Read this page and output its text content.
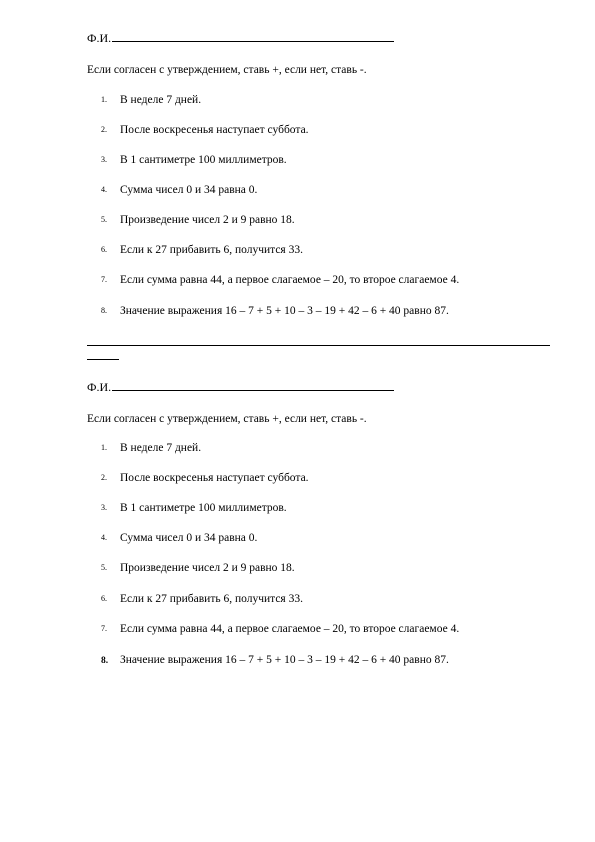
Ф.И.
Если согласен с утверждением, ставь +, если нет, ставь -.
1. В неделе 7 дней.
2. После воскресенья наступает суббота.
3. В 1 сантиметре 100 миллиметров.
4. Сумма чисел 0 и 34 равна 0.
5. Произведение чисел 2 и 9 равно 18.
6. Если к 27 прибавить 6, получится 33.
7. Если сумма равна 44, а первое слагаемое – 20, то второе слагаемое 4.
8. Значение выражения 16 – 7 + 5 + 10 – 3 – 19 + 42 – 6 + 40 равно 87.
Ф.И.
Если согласен с утверждением, ставь +, если нет, ставь -.
1. В неделе 7 дней.
2. После воскресенья наступает суббота.
3. В 1 сантиметре 100 миллиметров.
4. Сумма чисел 0 и 34 равна 0.
5. Произведение чисел 2 и 9 равно 18.
6. Если к 27 прибавить 6, получится 33.
7. Если сумма равна 44, а первое слагаемое – 20, то второе слагаемое 4.
8. Значение выражения 16 – 7 + 5 + 10 – 3 – 19 + 42 – 6 + 40 равно 87.
